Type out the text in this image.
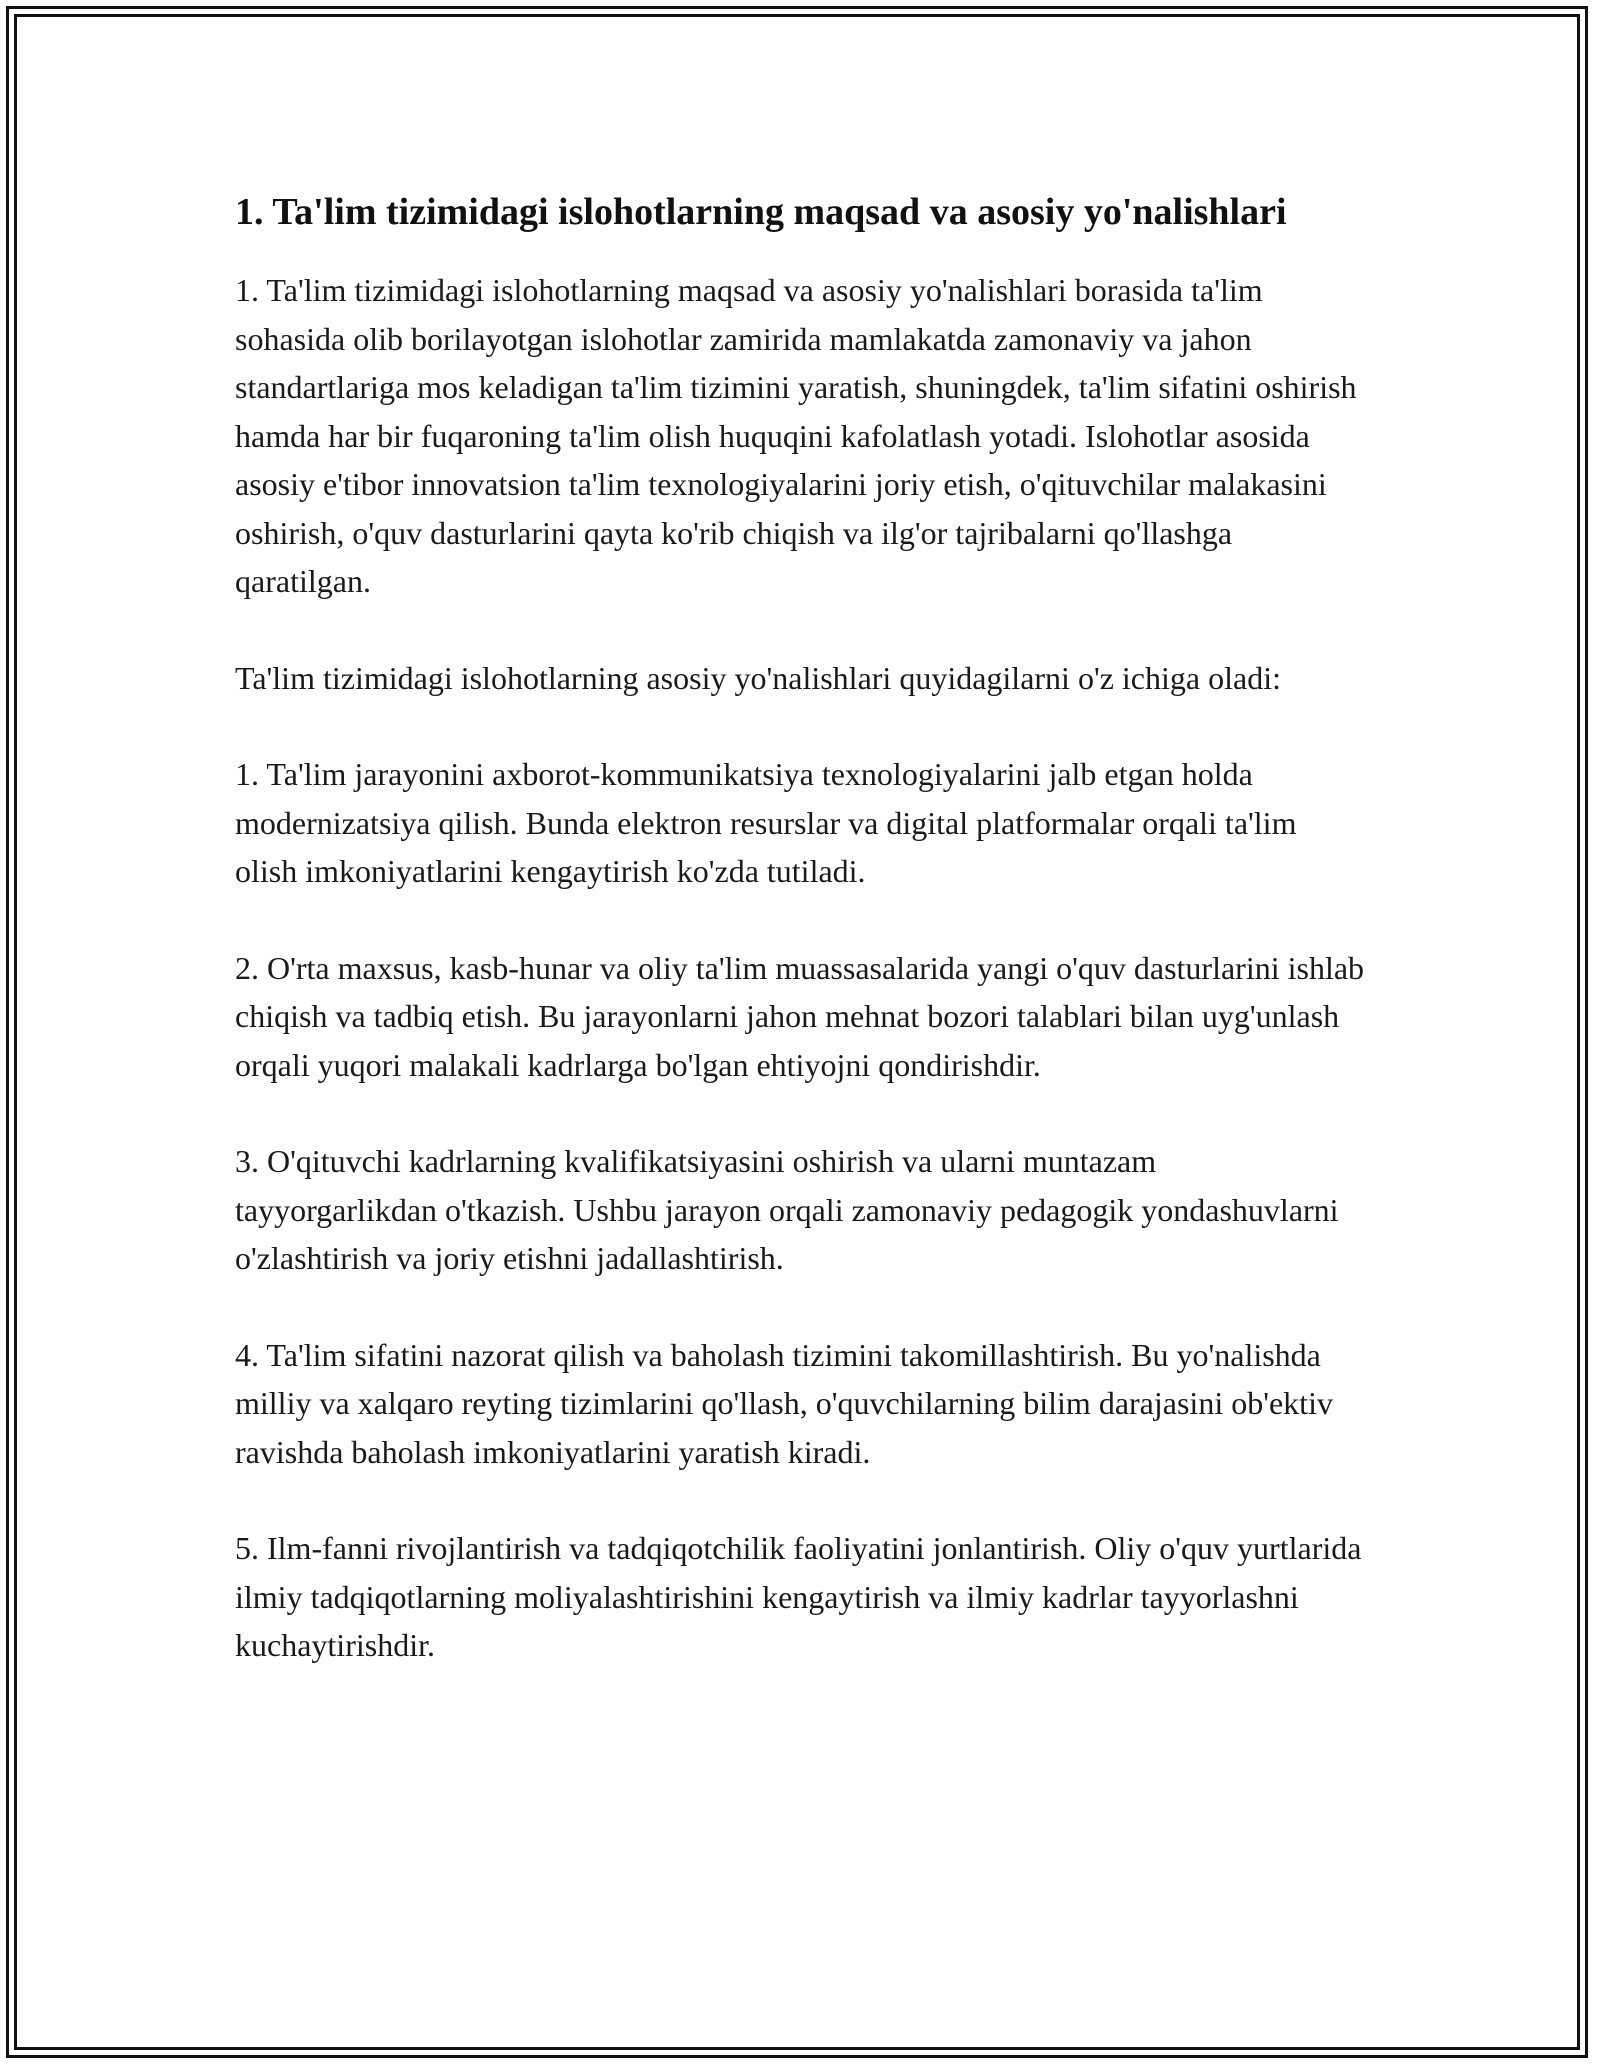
1. Ta'lim tizimidagi islohotlarning maqsad va asosiy yo'nalishlari

1. Ta'lim tizimidagi islohotlarning maqsad va asosiy yo'nalishlari borasida ta'lim sohasida olib borilayotgan islohotlar zamirida mamlakatda zamonaviy va jahon standartlariga mos keladigan ta'lim tizimini yaratish, shuningdek, ta'lim sifatini oshirish hamda har bir fuqaroning ta'lim olish huquqini kafolatlash yotadi. Islohotlar asosida asosiy e'tibor innovatsion ta'lim texnologiyalarini joriy etish, o'qituvchilar malakasini oshirish, o'quv dasturlarini qayta ko'rib chiqish va ilg'or tajribalarni qo'llashga qaratilgan.

Ta'lim tizimidagi islohotlarning asosiy yo'nalishlari quyidagilarni o'z ichiga oladi:

1. Ta'lim jarayonini axborot-kommunikatsiya texnologiyalarini jalb etgan holda modernizatsiya qilish. Bunda elektron resurslar va digital platformalar orqali ta'lim olish imkoniyatlarini kengaytirish ko'zda tutiladi.

2. O'rta maxsus, kasb-hunar va oliy ta'lim muassasalarida yangi o'quv dasturlarini ishlab chiqish va tadbiq etish. Bu jarayonlarni jahon mehnat bozori talablari bilan uyg'unlash orqali yuqori malakali kadrlarga bo'lgan ehtiyojni qondirishdir.

3. O'qituvchi kadrlarning kvalifikatsiyasini oshirish va ularni muntazam tayyorgarlikdan o'tkazish. Ushbu jarayon orqali zamonaviy pedagogik yondashuvlarni o'zlashtirish va joriy etishni jadallashtirish.

4. Ta'lim sifatini nazorat qilish va baholash tizimini takomillashtirish. Bu yo'nalishda milliy va xalqaro reyting tizimlarini qo'llash, o'quvchilarning bilim darajasini ob'ektiv ravishda baholash imkoniyatlarini yaratish kiradi.

5. Ilm-fanni rivojlantirish va tadqiqotchilik faoliyatini jonlantirish. Oliy o'quv yurtlarida ilmiy tadqiqotlarning moliyalashtirishini kengaytirish va ilmiy kadrlar tayyorlashni kuchaytirishdir.
